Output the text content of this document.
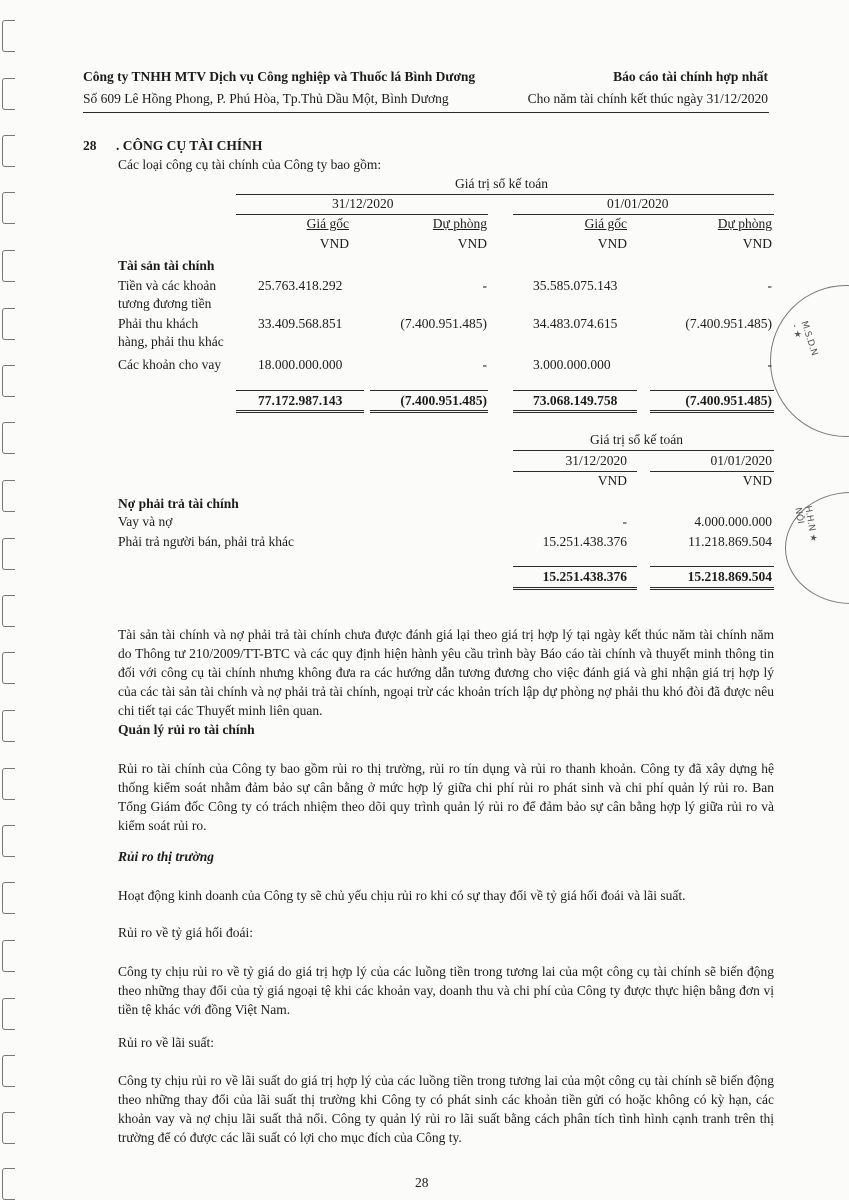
M.S.D.N - ★
H.H.N ★ NỘI
Công ty TNHH MTV Dịch vụ Công nghiệp và Thuốc lá Bình Dương
Số 609 Lê Hồng Phong, P. Phú Hòa, Tp.Thủ Dầu Một, Bình Dương
Báo cáo tài chính hợp nhất
Cho năm tài chính kết thúc ngày 31/12/2020
28 . CÔNG CỤ TÀI CHÍNH
Các loại công cụ tài chính của Công ty bao gồm:
Giá trị sổ kế toán
31/12/2020	01/01/2020
Giá gốc	Dự phòng	Giá gốc	Dự phòng
VND	VND	VND	VND
Tài sản tài chính
Tiền và các khoản
tương đương tiền
25.763.418.292	-	35.585.075.143	-
Phải thu khách
hàng, phải thu khác
33.409.568.851	(7.400.951.485)	34.483.074.615	(7.400.951.485)
Các khoản cho vay	18.000.000.000	-	3.000.000.000	-
77.172.987.143	(7.400.951.485)	73.068.149.758	(7.400.951.485)
Giá trị sổ kế toán
31/12/2020	01/01/2020
VND	VND
Nợ phải trả tài chính
Vay và nợ	-	4.000.000.000
Phải trả người bán, phải trả khác	15.251.438.376	11.218.869.504
15.251.438.376	15.218.869.504
Tài sản tài chính và nợ phải trả tài chính chưa được đánh giá lại theo giá trị hợp lý tại ngày kết thúc năm tài chính năm do Thông tư 210/2009/TT-BTC và các quy định hiện hành yêu cầu trình bày Báo cáo tài chính và thuyết minh thông tin đối với công cụ tài chính nhưng không đưa ra các hướng dẫn tương đương cho việc đánh giá và ghi nhận giá trị hợp lý của các tài sản tài chính và nợ phải trả tài chính, ngoại trừ các khoản trích lập dự phòng nợ phải thu khó đòi đã được nêu chi tiết tại các Thuyết minh liên quan.
Quản lý rủi ro tài chính
Rủi ro tài chính của Công ty bao gồm rủi ro thị trường, rủi ro tín dụng và rủi ro thanh khoản. Công ty đã xây dựng hệ thống kiểm soát nhằm đảm bảo sự cân bằng ở mức hợp lý giữa chi phí rủi ro phát sinh và chi phí quản lý rủi ro. Ban Tổng Giám đốc Công ty có trách nhiệm theo dõi quy trình quản lý rủi ro để đảm bảo sự cân bằng hợp lý giữa rủi ro và kiểm soát rủi ro.
Rủi ro thị trường
Hoạt động kinh doanh của Công ty sẽ chủ yếu chịu rủi ro khi có sự thay đổi về tỷ giá hối đoái và lãi suất.
Rủi ro về tỷ giá hối đoái:
Công ty chịu rủi ro về tỷ giá do giá trị hợp lý của các luồng tiền trong tương lai của một công cụ tài chính sẽ biến động theo những thay đổi của tỷ giá ngoại tệ khi các khoản vay, doanh thu và chi phí của Công ty được thực hiện bằng đơn vị tiền tệ khác với đồng Việt Nam.
Rủi ro về lãi suất:
Công ty chịu rủi ro về lãi suất do giá trị hợp lý của các luồng tiền trong tương lai của một công cụ tài chính sẽ biến động theo những thay đổi của lãi suất thị trường khi Công ty có phát sinh các khoản tiền gửi có hoặc không có kỳ hạn, các khoản vay và nợ chịu lãi suất thả nổi. Công ty quản lý rủi ro lãi suất bằng cách phân tích tình hình cạnh tranh trên thị trường để có được các lãi suất có lợi cho mục đích của Công ty.
28
